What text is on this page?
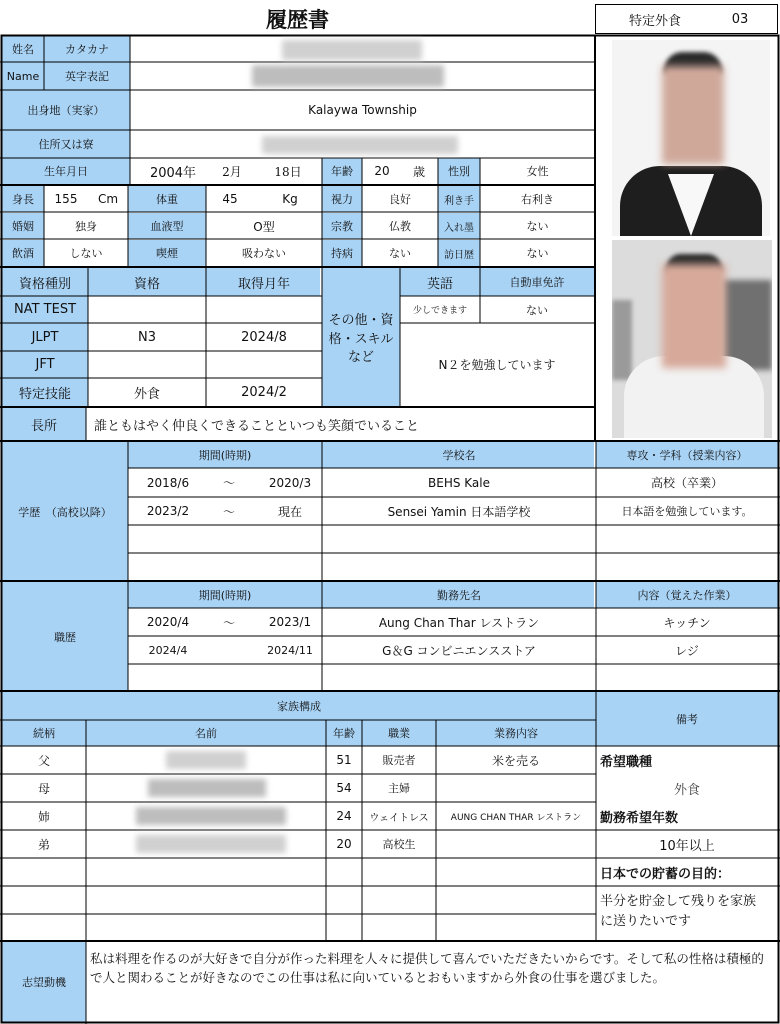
履歴書	特定外食	03
姓名	カタカナ
Name	英字表記
出身地（実家）	Kalaywa Township
住所又は寮
生年月日	2004年	2月	18日	年齢	20	歳	性別	女性
身長	155	Cm	体重	45	Kg	視力	良好	利き手	右利き
婚姻	独身	血液型	O型	宗教	仏教	入れ墨	ない
飲酒	しない	喫煙	吸わない	持病	ない	訪日歴	ない
資格種別	資格	取得月年
NAT TEST
JLPT	N3	2024/8
JFT
特定技能	外食	2024/2
その他・資格・スキルなど
英語	自動車免許
少しできます	ない
N２を勉強しています
長所	誰ともはやく仲良くできることといつも笑顔でいること
学歴　（高校以降）
期間(時期)	学校名	専攻・学科（授業内容）
2018/6	～	2020/3	BEHS Kale	高校（卒業）
2023/2	～	現在	Sensei Yamin 日本語学校	日本語を勉強しています。
職歴
期間(時期)	勤務先名	内容（覚えた作業）
2020/4	～	2023/1	Aung Chan Thar レストラン	キッチン
2024/4	2024/11	G＆G コンビニエンスストア	レジ
家族構成
備考
続柄	名前	年齢	職業	業務内容
父	51	販売者	米を売る
母	54	主婦
姉	24	ウェイトレス	AUNG CHAN THAR レストラン
弟	20	高校生
希望職種
外食
勤務希望年数
10年以上
日本での貯蓄の目的：
半分を貯金して残りを家族に送りたいです
志望動機
私は料理を作るのが大好きで自分が作った料理を人々に提供して喜んでいただきたいからです。そして私の性格は積極的で人と関わることが好きなのでこの仕事は私に向いているとおもいますから外食の仕事を選びました。
